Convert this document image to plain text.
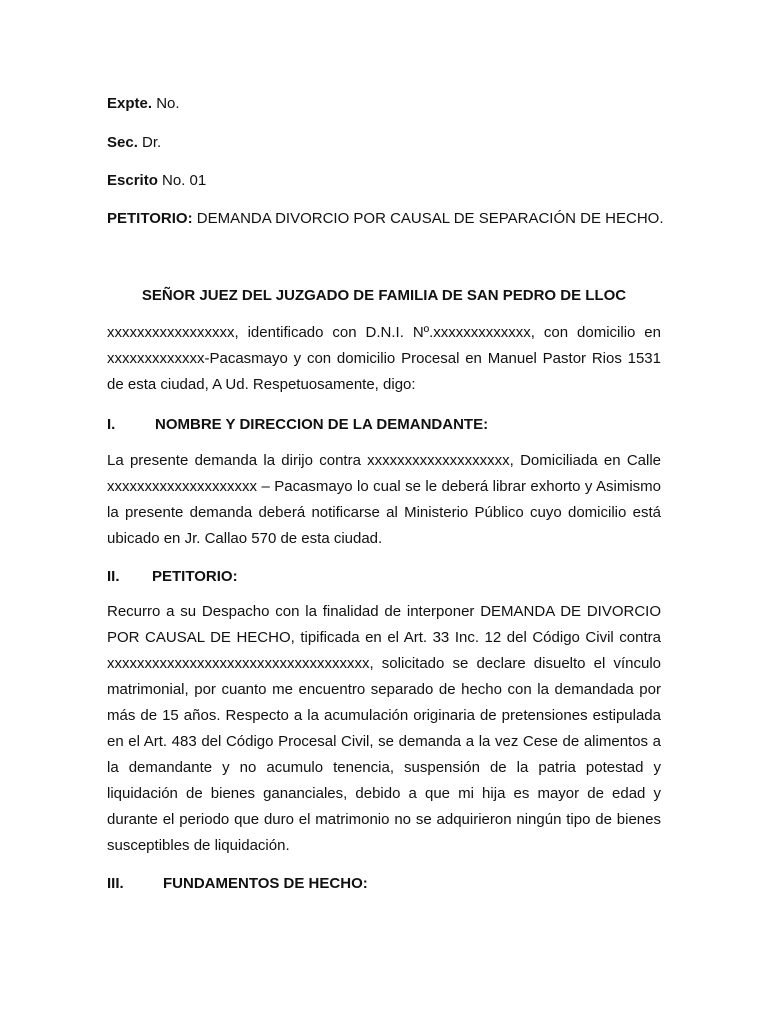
Expte. No.
Sec. Dr.
Escrito No. 01
PETITORIO: DEMANDA DIVORCIO POR CAUSAL DE SEPARACIÓN DE HECHO.
SEÑOR JUEZ DEL JUZGADO DE FAMILIA DE SAN PEDRO DE LLOC
xxxxxxxxxxxxxxxxx, identificado con D.N.I. Nº.xxxxxxxxxxxxx, con domicilio en xxxxxxxxxxxxx-Pacasmayo y con domicilio Procesal en Manuel Pastor Rios 1531 de esta ciudad, A Ud. Respetuosamente, digo:
I.	NOMBRE Y DIRECCION DE LA DEMANDANTE:
La presente demanda la dirijo contra xxxxxxxxxxxxxxxxxxx, Domiciliada en Calle xxxxxxxxxxxxxxxxxxxx – Pacasmayo lo cual se le deberá librar exhorto y Asimismo la presente demanda deberá notificarse al Ministerio Público cuyo domicilio está ubicado en Jr. Callao 570 de esta ciudad.
II. PETITORIO:
Recurro a su Despacho con la finalidad de interponer DEMANDA DE DIVORCIO POR CAUSAL DE HECHO, tipificada en el Art. 33 Inc. 12 del Código Civil contra xxxxxxxxxxxxxxxxxxxxxxxxxxxxxxxxxxx, solicitado se declare disuelto el vínculo matrimonial, por cuanto me encuentro separado de hecho con la demandada por más de 15 años. Respecto a la acumulación originaria de pretensiones estipulada en el Art. 483 del Código Procesal Civil, se demanda a la vez Cese de alimentos a la demandante y no acumulo tenencia, suspensión de la patria potestad y liquidación de bienes gananciales, debido a que mi hija es mayor de edad y durante el periodo que duro el matrimonio no se adquirieron ningún tipo de bienes susceptibles de liquidación.
III.	FUNDAMENTOS DE HECHO:
